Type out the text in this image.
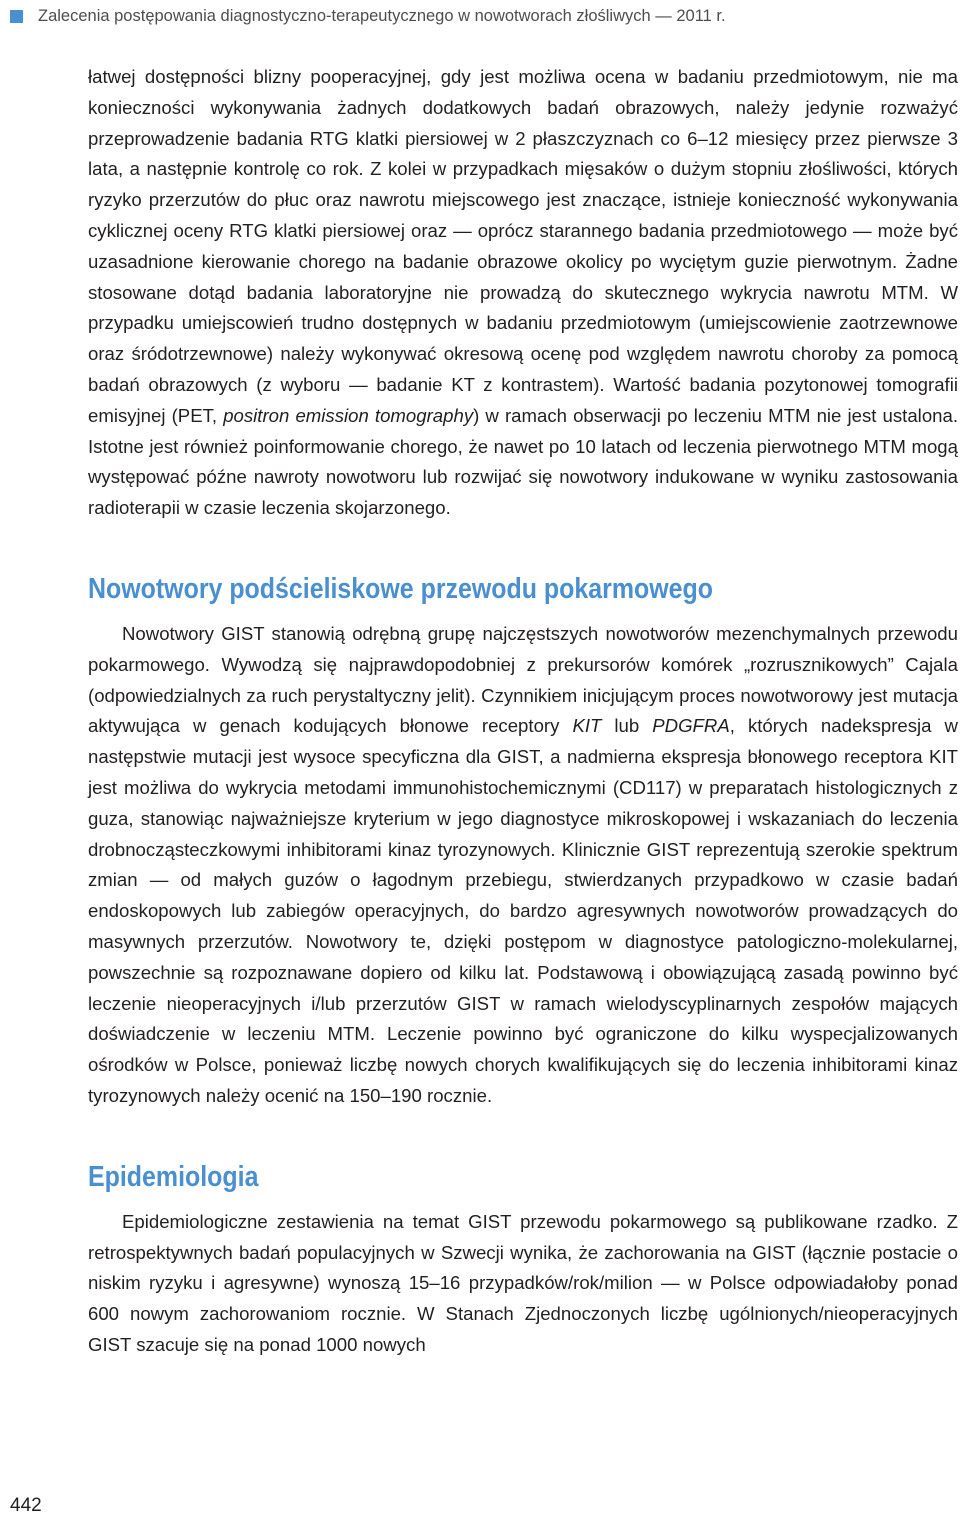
Zalecenia postępowania diagnostyczno-terapeutycznego w nowotworach złośliwych — 2011 r.

łatwej dostępności blizny pooperacyjnej, gdy jest możliwa ocena w badaniu przedmiotowym, nie ma konieczności wykonywania żadnych dodatkowych badań obrazowych, należy jedynie rozważyć przeprowadzenie badania RTG klatki piersiowej w 2 płaszczyznach co 6–12 miesięcy przez pierwsze 3 lata, a następnie kontrolę co rok. Z kolei w przypadkach mięsaków o dużym stopniu złośliwości, których ryzyko przerzutów do płuc oraz nawrotu miejscowego jest znaczące, istnieje konieczność wykonywania cyklicznej oceny RTG klatki piersiowej oraz — oprócz starannego badania przedmiotowego — może być uzasadnione kierowanie chorego na badanie obrazowe okolicy po wyciętym guzie pierwotnym. Żadne stosowane dotąd badania laboratoryjne nie prowadzą do skutecznego wykrycia nawrotu MTM. W przypadku umiejscowień trudno dostępnych w badaniu przedmiotowym (umiejscowienie zaotrzewnowe oraz śródotrzewnowe) należy wykonywać okresową ocenę pod względem nawrotu choroby za pomocą badań obrazowych (z wyboru — badanie KT z kontrastem). Wartość badania pozytonowej tomografii emisyjnej (PET, positron emission tomography) w ramach obserwacji po leczeniu MTM nie jest ustalona. Istotne jest również poinformowanie chorego, że nawet po 10 latach od leczenia pierwotnego MTM mogą występować późne nawroty nowotworu lub rozwijać się nowotwory indukowane w wyniku zastosowania radioterapii w czasie leczenia skojarzonego.

Nowotwory podścieliskowe przewodu pokarmowego

Nowotwory GIST stanowią odrębną grupę najczęstszych nowotworów mezenchymalnych przewodu pokarmowego. Wywodzą się najprawdopodobniej z prekursorów komórek „rozrusznikowych” Cajala (odpowiedzialnych za ruch perystaltyczny jelit). Czynnikiem inicjującym proces nowotworowy jest mutacja aktywująca w genach kodujących błonowe receptory KIT lub PDGFRA, których nadekspresja w następstwie mutacji jest wysoce specyficzna dla GIST, a nadmierna ekspresja błonowego receptora KIT jest możliwa do wykrycia metodami immunohistochemicznymi (CD117) w preparatach histologicznych z guza, stanowiąc najważniejsze kryterium w jego diagnostyce mikroskopowej i wskazaniach do leczenia drobnocząsteczkowymi inhibitorami kinaz tyrozynowych. Klinicznie GIST reprezentują szerokie spektrum zmian — od małych guzów o łagodnym przebiegu, stwierdzanych przypadkowo w czasie badań endoskopowych lub zabiegów operacyjnych, do bardzo agresywnych nowotworów prowadzących do masywnych przerzutów. Nowotwory te, dzięki postępom w diagnostyce patologiczno-molekularnej, powszechnie są rozpoznawane dopiero od kilku lat. Podstawową i obowiązującą zasadą powinno być leczenie nieoperacyjnych i/lub przerzutów GIST w ramach wielodyscyplinarnych zespołów mających doświadczenie w leczeniu MTM. Leczenie powinno być ograniczone do kilku wyspecjalizowanych ośrodków w Polsce, ponieważ liczbę nowych chorych kwalifikujących się do leczenia inhibitorami kinaz tyrozynowych należy ocenić na 150–190 rocznie.

Epidemiologia

Epidemiologiczne zestawienia na temat GIST przewodu pokarmowego są publikowane rzadko. Z retrospektywnych badań populacyjnych w Szwecji wynika, że zachorowania na GIST (łącznie postacie o niskim ryzyku i agresywne) wynoszą 15–16 przypadków/rok/milion — w Polsce odpowiadałoby ponad 600 nowym zachorowaniom rocznie. W Stanach Zjednoczonych liczbę ugólnionych/nieoperacyjnych GIST szacuje się na ponad 1000 nowych

442
